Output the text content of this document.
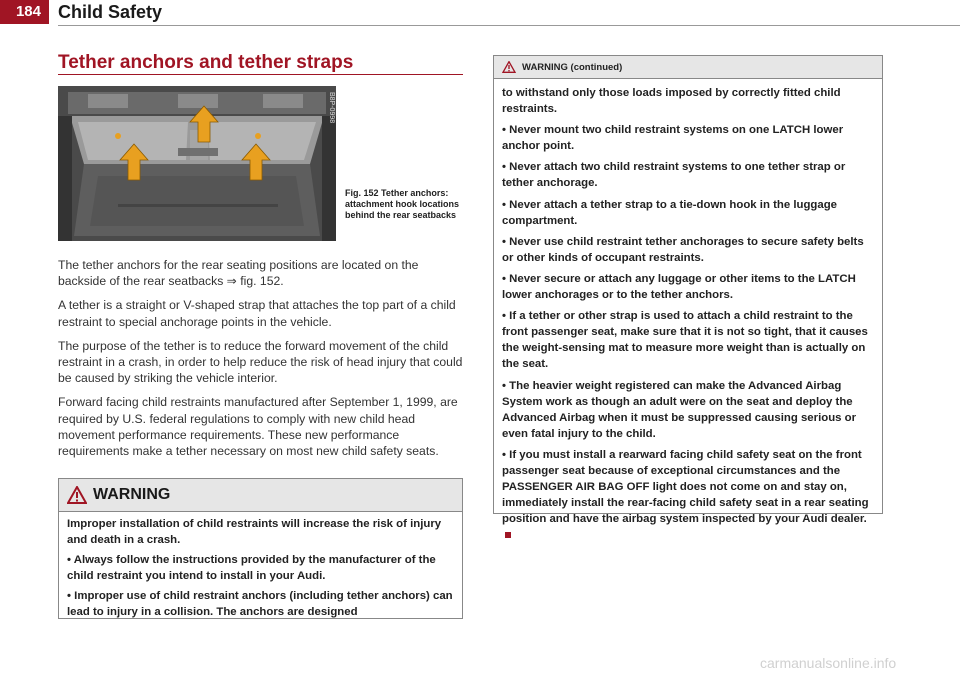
184 Child Safety
Tether anchors and tether straps
B8P-0998
Fig. 152 Tether anchors: attachment hook locations behind the rear seatbacks

The tether anchors for the rear seating positions are located on the backside of the rear seatbacks ⇒ fig. 152.

A tether is a straight or V-shaped strap that attaches the top part of a child restraint to special anchorage points in the vehicle.

The purpose of the tether is to reduce the forward movement of the child restraint in a crash, in order to help reduce the risk of head injury that could be caused by striking the vehicle interior.

Forward facing child restraints manufactured after September 1, 1999, are required by U.S. federal regulations to comply with new child head movement performance requirements. These new performance requirements make a tether necessary on most new child safety seats.

WARNING

Improper installation of child restraints will increase the risk of injury and death in a crash.

• Always follow the instructions provided by the manufacturer of the child restraint you intend to install in your Audi.

• Improper use of child restraint anchors (including tether anchors) can lead to injury in a collision. The anchors are designed

WARNING (continued)

to withstand only those loads imposed by correctly fitted child restraints.

• Never mount two child restraint systems on one LATCH lower anchor point.

• Never attach two child restraint systems to one tether strap or tether anchorage.

• Never attach a tether strap to a tie-down hook in the luggage compartment.

• Never use child restraint tether anchorages to secure safety belts or other kinds of occupant restraints.

• Never secure or attach any luggage or other items to the LATCH lower anchorages or to the tether anchors.

• If a tether or other strap is used to attach a child restraint to the front passenger seat, make sure that it is not so tight, that it causes the weight-sensing mat to measure more weight than is actually on the seat.

• The heavier weight registered can make the Advanced Airbag System work as though an adult were on the seat and deploy the Advanced Airbag when it must be suppressed causing serious or even fatal injury to the child.

• If you must install a rearward facing child safety seat on the front passenger seat because of exceptional circumstances and the PASSENGER AIR BAG OFF light does not come on and stay on, immediately install the rear-facing child safety seat in a rear seating position and have the airbag system inspected by your Audi dealer.

carmanualsonline.info
